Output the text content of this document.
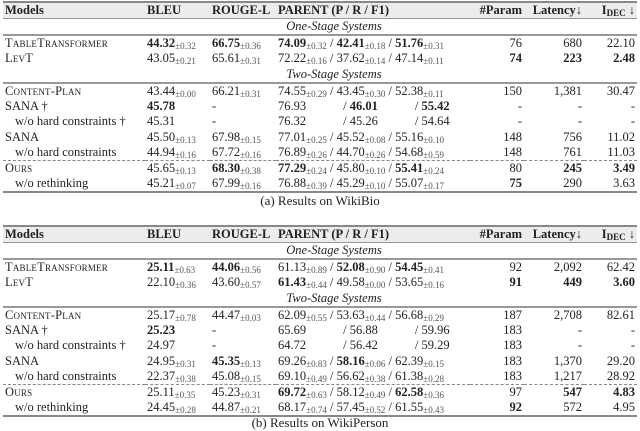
Models	BLEU	ROUGE-L	PARENT (P / R / F1)	#Param	Latency↓	IDEC ↓
One-Stage Systems						
TableTransformer	$44.32_{\pm 0.32}$	$66.75_{\pm 0.36}$	$74.09_{\pm 0.32} / 42.41_{\pm 0.18} / 51.76_{\pm 0.31}$	76	680	22.10
LevT	$43.05_{\pm 0.21}$	$65.61_{\pm 0.31}$	$72.22_{\pm 0.16} / 37.62_{\pm 0.14} / 47.14_{\pm 0.11}$	74	223	2.48
Two-Stage Systems						
Content-Plan	$43.44_{\pm 0.00}$	$66.21_{\pm 0.31}$	$74.55_{\pm 0.29} / 43.45_{\pm 0.30} / 52.38_{\pm 0.11}$	150	1,381	30.47
SANA †	45.78	-	76.93 / 46.01 / 55.42	-	-	-
w/o hard constraints †	45.31	-	76.32 / 45.26 / 54.64	-	-	-
SANA	$45.50_{\pm 0.13}$	$67.98_{\pm 0.15}$	$77.01_{\pm 0.25} / 45.52_{\pm 0.08} / 55.16_{\pm 0.10}$	148	756	11.02
w/o hard constraints	$44.94_{\pm 0.16}$	$67.72_{\pm 0.16}$	$76.89_{\pm 0.26} / 44.70_{\pm 0.26} / 54.68_{\pm 0.59}$	148	761	11.03
Ours	$45.65_{\pm 0.13}$	$68.30_{\pm 0.38}$	$77.29_{\pm 0.24} / 45.80_{\pm 0.10} / 55.41_{\pm 0.24}$	80	245	3.49
w/o rethinking	$45.21_{\pm 0.07}$	$67.99_{\pm 0.16}$	$76.88_{\pm 0.39} / 45.29_{\pm 0.10} / 55.07_{\pm 0.17}$	75	290	3.63
(a) Results on WikiBio
Models	BLEU	ROUGE-L	PARENT (P / R / F1)	#Param	Latency↓	IDEC ↓
One-Stage Systems						
TableTransformer	$25.11_{\pm 0.63}$	$44.06_{\pm 0.56}$	$61.13_{\pm 0.89} / 52.08_{\pm 0.90} / 54.45_{\pm 0.41}$	92	2,092	62.42
LevT	$22.10_{\pm 0.36}$	$43.60_{\pm 0.57}$	$61.43_{\pm 0.44} / 49.58_{\pm 0.00} / 53.65_{\pm 0.16}$	91	449	3.60
Two-Stage Systems						
Content-Plan	$25.17_{\pm 0.78}$	$44.47_{\pm 0.03}$	$62.09_{\pm 0.55} / 53.63_{\pm 0.44} / 56.68_{\pm 0.29}$	187	2,708	82.61
SANA †	25.23	-	65.69 / 56.88 / 59.96	183	-	-
w/o hard constraints †	24.97	-	64.72 / 56.42 / 59.29	183	-	-
SANA	$24.95_{\pm 0.31}$	$45.35_{\pm 0.13}$	$69.26_{\pm 0.83} / 58.16_{\pm 0.06} / 62.39_{\pm 0.15}$	183	1,370	29.20
w/o hard constraints	$22.37_{\pm 0.38}$	$45.08_{\pm 0.15}$	$69.10_{\pm 0.49} / 56.62_{\pm 0.38} / 61.38_{\pm 0.28}$	183	1,217	28.92
Ours	$25.11_{\pm 0.35}$	$45.23_{\pm 0.31}$	$69.72_{\pm 0.63} / 58.12_{\pm 0.49} / 62.58_{\pm 0.36}$	97	547	4.83
w/o rethinking	$24.45_{\pm 0.28}$	$44.87_{\pm 0.21}$	$68.17_{\pm 0.74} / 57.45_{\pm 0.52} / 61.55_{\pm 0.43}$	92	572	4.95
(b) Results on WikiPerson
